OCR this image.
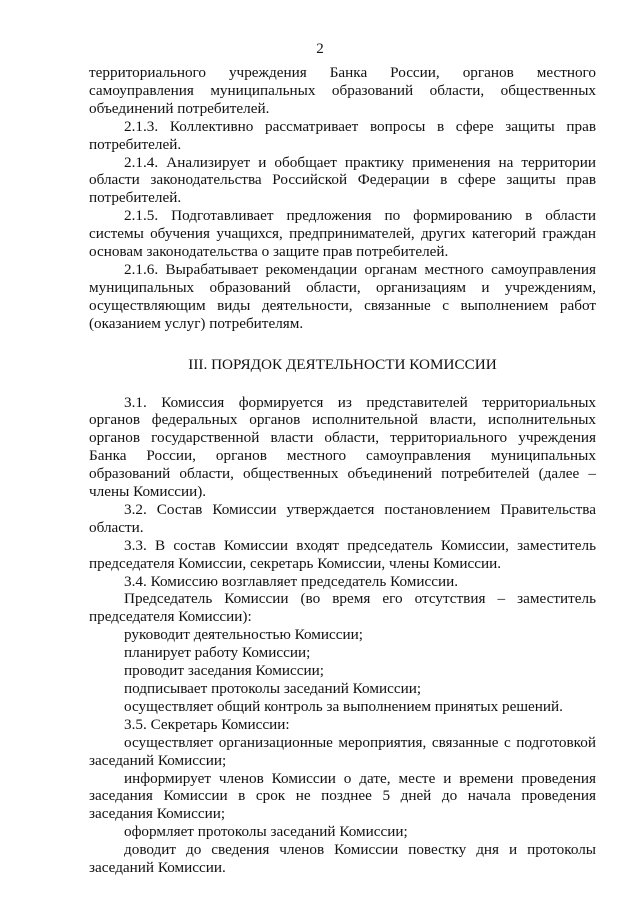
2

территориального учреждения Банка России, органов местного самоуправления муниципальных образований области, общественных объединений потребителей.

2.1.3. Коллективно рассматривает вопросы в сфере защиты прав потребителей.

2.1.4. Анализирует и обобщает практику применения на территории области законодательства Российской Федерации в сфере защиты прав потребителей.

2.1.5. Подготавливает предложения по формированию в области системы обучения учащихся, предпринимателей, других категорий граждан основам законодательства о защите прав потребителей.

2.1.6. Вырабатывает рекомендации органам местного самоуправления муниципальных образований области, организациям и учреждениям, осуществляющим виды деятельности, связанные с выполнением работ (оказанием услуг) потребителям.

III. ПОРЯДОК ДЕЯТЕЛЬНОСТИ КОМИССИИ

3.1. Комиссия формируется из представителей территориальных органов федеральных органов исполнительной власти, исполнительных органов государственной власти области, территориального учреждения Банка России, органов местного самоуправления муниципальных образований области, общественных объединений потребителей (далее – члены Комиссии).

3.2. Состав Комиссии утверждается постановлением Правительства области.

3.3. В состав Комиссии входят председатель Комиссии, заместитель председателя Комиссии, секретарь Комиссии, члены Комиссии.

3.4. Комиссию возглавляет председатель Комиссии.

Председатель Комиссии (во время его отсутствия – заместитель председателя Комиссии):

руководит деятельностью Комиссии;

планирует работу Комиссии;

проводит заседания Комиссии;

подписывает протоколы заседаний Комиссии;

осуществляет общий контроль за выполнением принятых решений.

3.5. Секретарь Комиссии:

осуществляет организационные мероприятия, связанные с подготовкой заседаний Комиссии;

информирует членов Комиссии о дате, месте и времени проведения заседания Комиссии в срок не позднее 5 дней до начала проведения заседания Комиссии;

оформляет протоколы заседаний Комиссии;

доводит до сведения членов Комиссии повестку дня и протоколы заседаний Комиссии.
